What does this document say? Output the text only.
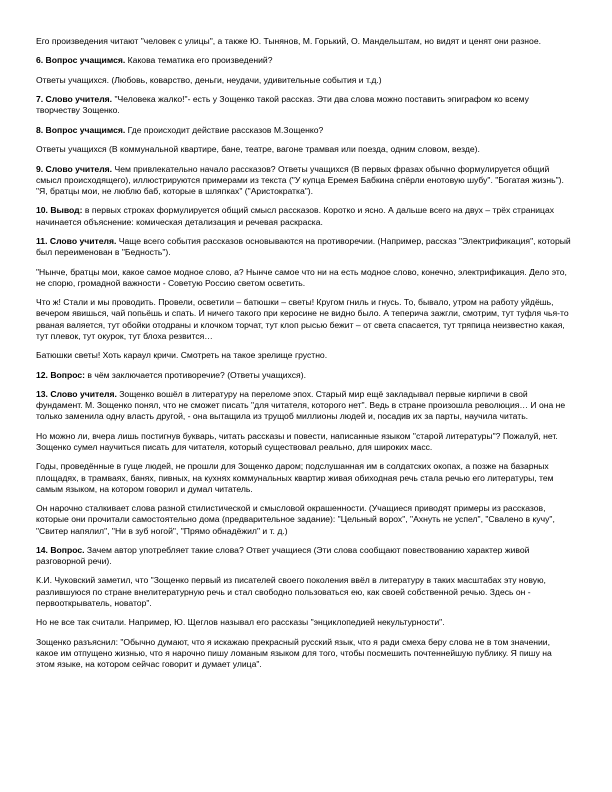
Его произведения читают "человек с улицы", а также Ю. Тынянов, М. Горький, О. Мандельштам, но видят и ценят они разное.

6. Вопрос учащимся. Какова тематика его произведений?

Ответы учащихся. (Любовь, коварство, деньги, неудачи, удивительные события и т.д.)

7. Слово учителя. "Человека жалко!"- есть у Зощенко такой рассказ. Эти два слова можно поставить эпиграфом ко всему творчеству Зощенко.

8. Вопрос учащимся. Где происходит действие рассказов М.Зощенко?

Ответы учащихся (В коммунальной квартире, бане, театре, вагоне трамвая или поезда, одним словом, везде).

9. Слово учителя. Чем привлекательно начало рассказов? Ответы учащихся (В первых фразах обычно формулируется общий смысл происходящего), иллюстрируются примерами из текста ("У купца Еремея Бабкина спёрли енотовую шубу". "Богатая жизнь"). "Я, братцы мои, не люблю баб, которые в шляпках" ("Аристократка").

10. Вывод: в первых строках формулируется общий смысл рассказов. Коротко и ясно. А дальше всего на двух – трёх страницах начинается объяснение: комическая детализация и речевая раскраска.

11. Слово учителя. Чаще всего события рассказов основываются на противоречии. (Например, рассказ "Электрификация", который был переименован в "Бедность").

"Нынче, братцы мои, какое самое модное слово, а? Нынче самое что ни на есть модное слово, конечно, электрификация. Дело это, не спорю, громадной важности - Советую Россию светом осветить.

Что ж! Стали и мы проводить. Провели, осветили – батюшки – светы! Кругом гниль и гнусь. То, бывало, утром на работу уйдёшь, вечером явишься, чай попьёшь и спать. И ничего такого при керосине не видно было. А теперича зажгли, смотрим, тут туфля чья-то рваная валяется, тут обойки отодраны и клочком торчат, тут клоп рысью бежит – от света спасается, тут тряпица неизвестно какая, тут плевок, тут окурок, тут блоха резвится…

Батюшки светы! Хоть караул кричи. Смотреть на такое зрелище грустно.

12. Вопрос: в чём заключается противоречие? (Ответы учащихся).

13. Слово учителя. Зощенко вошёл в литературу на переломе эпох. Старый мир ещё закладывал первые кирпичи в свой фундамент. М. Зощенко понял, что не сможет писать "для читателя, которого нет". Ведь в стране произошла революция… И она не только заменила одну власть другой, - она вытащила из трущоб миллионы людей и, посадив их за парты, научила читать.

Но можно ли, вчера лишь постигнув букварь, читать рассказы и повести, написанные языком "старой литературы"? Пожалуй, нет. Зощенко сумел научиться писать для читателя, который существовал реально, для широких масс.

Годы, проведённые в гуще людей, не прошли для Зощенко даром; подслушанная им в солдатских окопах, а позже на базарных площадях, в трамваях, банях, пивных, на кухнях коммунальных квартир живая обиходная речь стала речью его литературы, тем самым языком, на котором говорил и думал читатель.

Он нарочно сталкивает слова разной стилистической и смысловой окрашенности. (Учащиеся приводят примеры из рассказов, которые они прочитали самостоятельно дома (предварительное задание): "Цельный ворох", "Ахнуть не успел", "Свалено в кучу", "Свитер напялил", "Ни в зуб ногой", "Прямо обнадёжил" и т. д.)

14. Вопрос. Зачем автор употребляет такие слова? Ответ учащиеся (Эти слова сообщают повествованию характер живой разговорной речи).

К.И. Чуковский заметил, что "Зощенко первый из писателей своего поколения ввёл в литературу в таких масштабах эту новую, разлившуюся по стране внелитературную речь и стал свободно пользоваться ею, как своей собственной речью. Здесь он - первооткрыватель, новатор".

Но не все так считали. Например, Ю. Щеглов называл его рассказы "энциклопедией некультурности".

Зощенко разъяснил: "Обычно думают, что я искажаю прекрасный русский язык, что я ради смеха беру слова не в том значении, какое им отпущено жизнью, что я нарочно пишу ломаным языком для того, чтобы посмешить почтеннейшую публику. Я пишу на этом языке, на котором сейчас говорит и думает улица".
